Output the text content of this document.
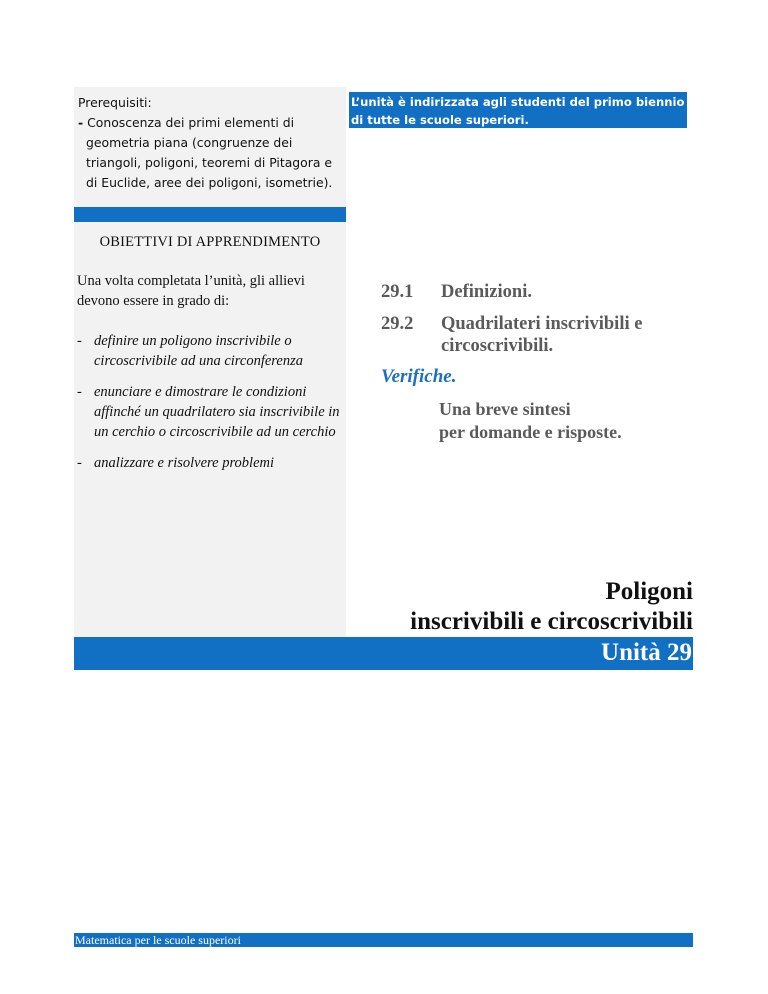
Prerequisiti:
- Conoscenza dei primi elementi di geometria piana (congruenze dei triangoli, poligoni, teoremi di Pitagora e di Euclide, aree dei poligoni, isometrie).
OBIETTIVI DI APPRENDIMENTO
Una volta completata l’unità, gli allievi devono essere in grado di:
- definire un poligono inscrivibile o circoscrivibile ad una circonferenza
- enunciare e dimostrare le condizioni affinché un quadrilatero sia inscrivibile in un cerchio o circoscrivibile ad un cerchio
- analizzare e risolvere problemi
L’unità è indirizzata agli studenti del primo biennio di tutte le scuole superiori.
29.1	Definizioni.
29.2	Quadrilateri inscrivibili e circoscrivibili.
Verifiche.
Una breve sintesi
per domande e risposte.
Poligoni
inscrivibili e circoscrivibili
Unità 29
Matematica per le scuole superiori
